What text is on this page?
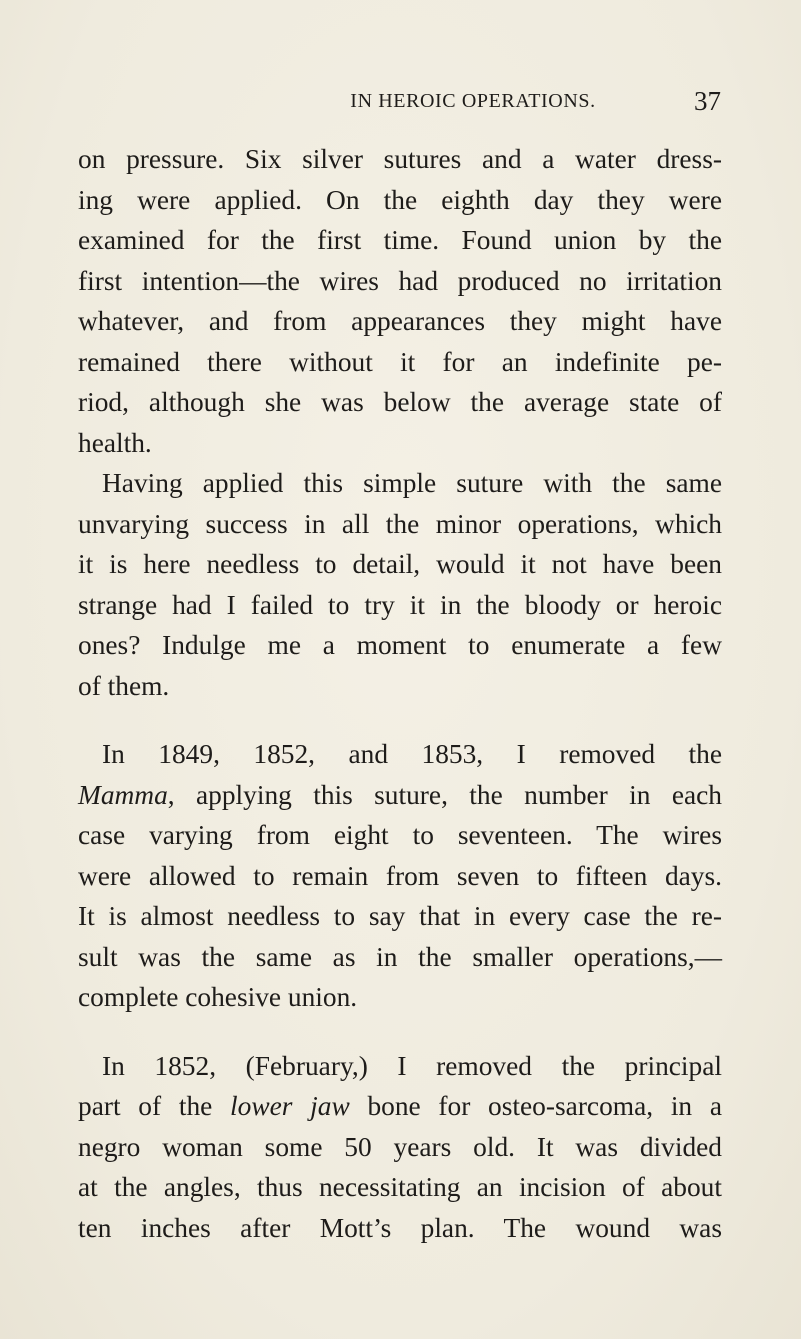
IN HEROIC OPERATIONS.	37
on pressure. Six silver sutures and a water dress-
ing were applied. On the eighth day they were
examined for the first time. Found union by the
first intention—the wires had produced no irritation
whatever, and from appearances they might have
remained there without it for an indefinite pe-
riod, although she was below the average state of
health.
Having applied this simple suture with the same
unvarying success in all the minor operations, which
it is here needless to detail, would it not have been
strange had I failed to try it in the bloody or heroic
ones? Indulge me a moment to enumerate a few
of them.
In 1849, 1852, and 1853, I removed the
Mamma, applying this suture, the number in each
case varying from eight to seventeen. The wires
were allowed to remain from seven to fifteen days.
It is almost needless to say that in every case the re-
sult was the same as in the smaller operations,—
complete cohesive union.
In 1852, (February,) I removed the principal
part of the lower jaw bone for osteo-sarcoma, in a
negro woman some 50 years old. It was divided
at the angles, thus necessitating an incision of about
ten inches after Mott’s plan. The wound was
